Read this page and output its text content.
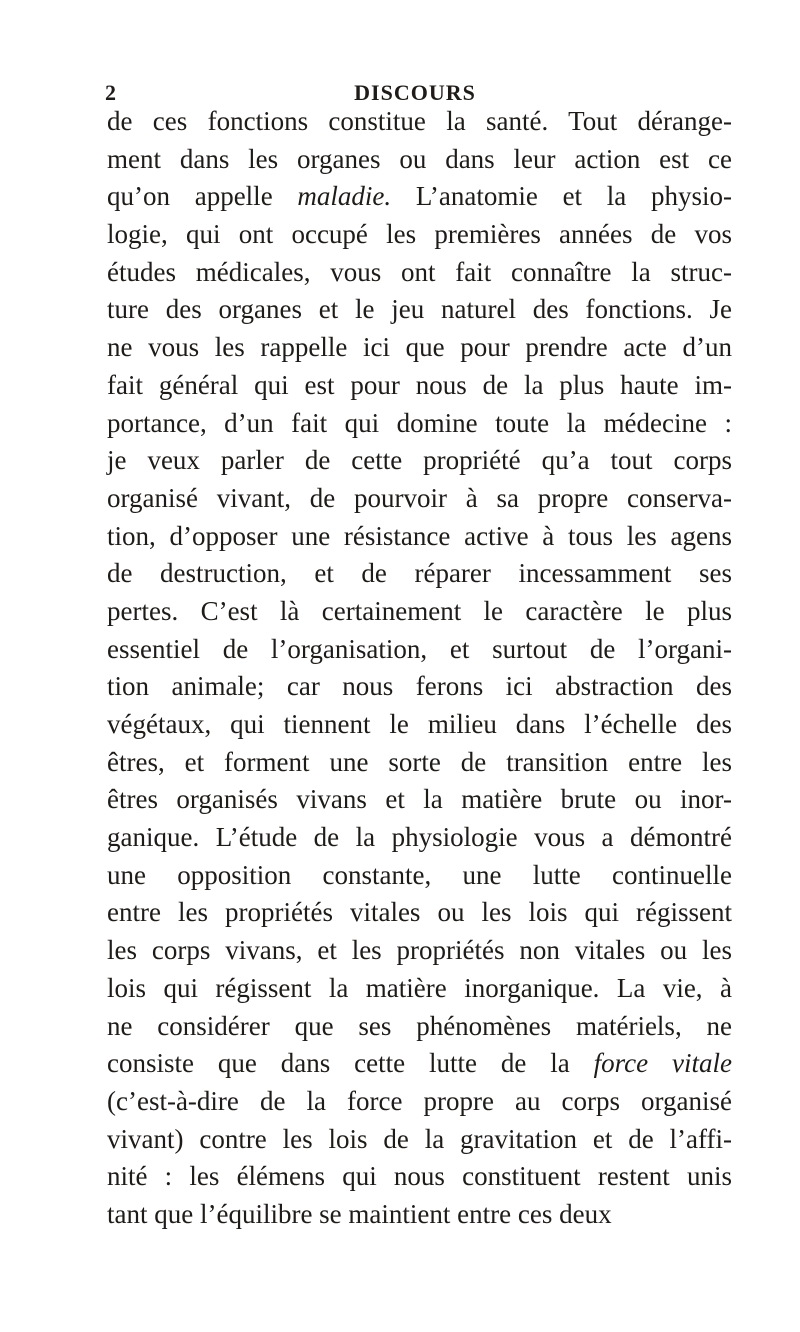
2	DISCOURS
de ces fonctions constitue la santé. Tout dérange-
ment dans les organes ou dans leur action est ce
qu’on appelle maladie. L’anatomie et la physio-
logie, qui ont occupé les premières années de vos
études médicales, vous ont fait connaître la struc-
ture des organes et le jeu naturel des fonctions. Je
ne vous les rappelle ici que pour prendre acte d’un
fait général qui est pour nous de la plus haute im-
portance, d’un fait qui domine toute la médecine :
je veux parler de cette propriété qu’a tout corps
organisé vivant, de pourvoir à sa propre conserva-
tion, d’opposer une résistance active à tous les agens
de destruction, et de réparer incessamment ses
pertes. C’est là certainement le caractère le plus
essentiel de l’organisation, et surtout de l’organi-
tion animale; car nous ferons ici abstraction des
végétaux, qui tiennent le milieu dans l’échelle des
êtres, et forment une sorte de transition entre les
êtres organisés vivans et la matière brute ou inor-
ganique. L’étude de la physiologie vous a démontré
une opposition constante, une lutte continuelle
entre les propriétés vitales ou les lois qui régissent
les corps vivans, et les propriétés non vitales ou les
lois qui régissent la matière inorganique. La vie, à
ne considérer que ses phénomènes matériels, ne
consiste que dans cette lutte de la force vitale
(c’est-à-dire de la force propre au corps organisé
vivant) contre les lois de la gravitation et de l’affi-
nité : les élémens qui nous constituent restent unis
tant que l’équilibre se maintient entre ces deux
